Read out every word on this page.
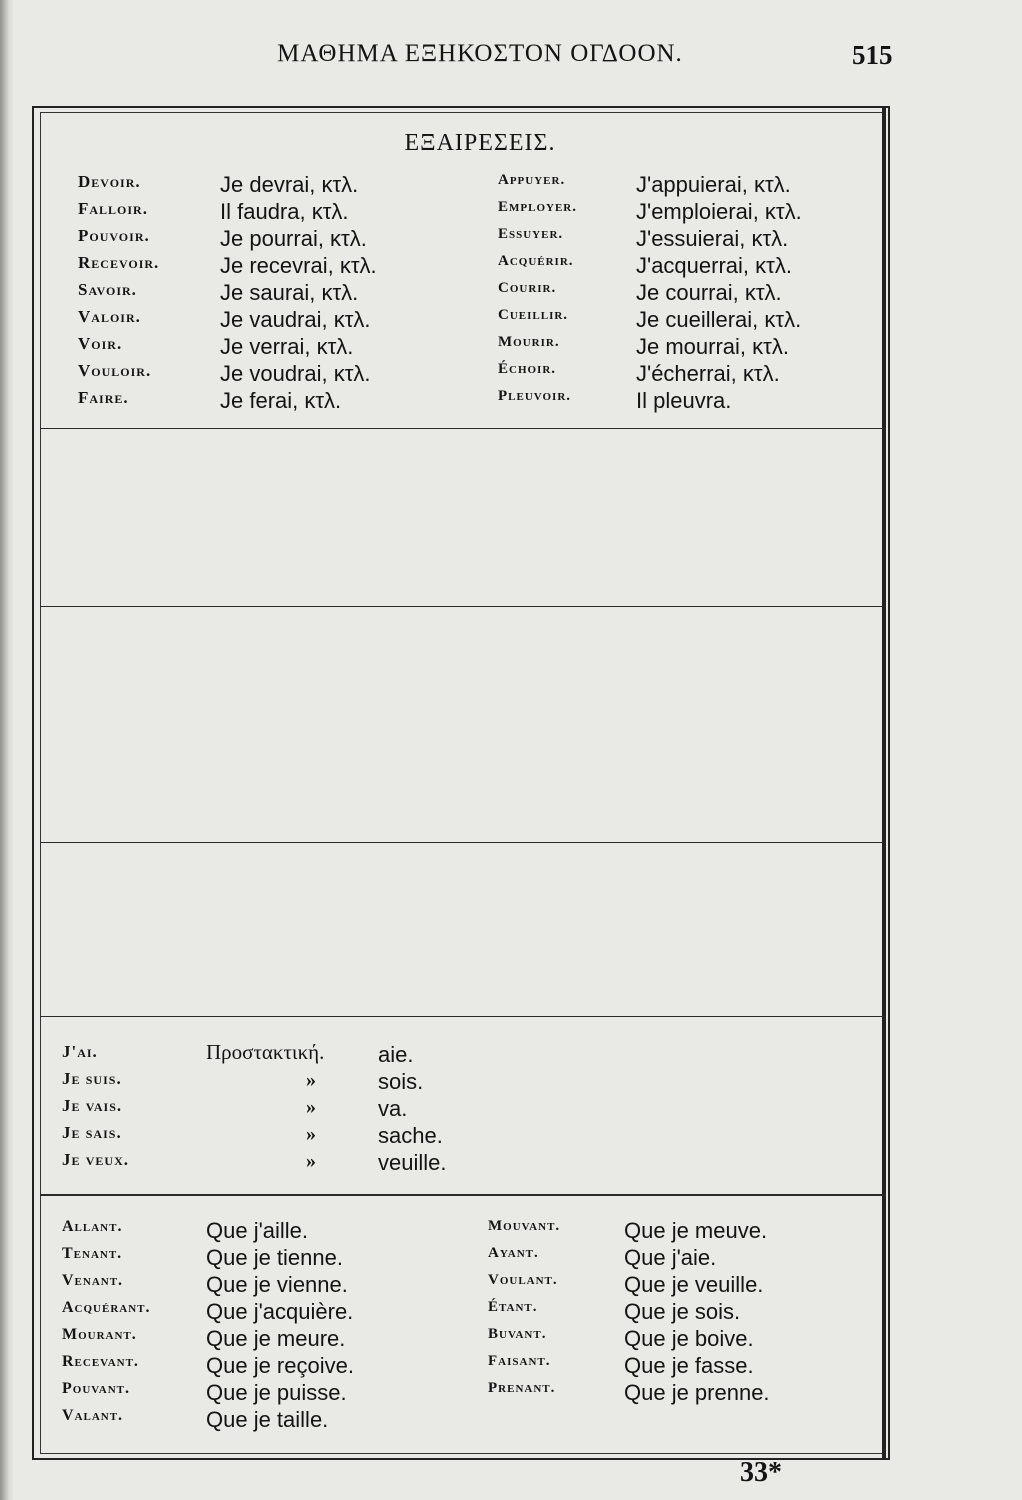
ΜΑΘΗΜΑ ΕΞΗΚΟΣΤΟΝ ΟΓΔΟΟΝ.	515
ΕΞΑΙΡΕΣΕΙΣ.
Devoir.	Je devrai, κτλ.
Falloir.	Il faudra, κτλ.
Pouvoir.	Je pourrai, κτλ.
Recevoir.	Je recevrai, κτλ.
Savoir.	Je saurai, κτλ.
Valoir.	Je vaudrai, κτλ.
Voir.	Je verrai, κτλ.
Vouloir.	Je voudrai, κτλ.
Faire.	Je ferai, κτλ.
Appuyer.	J'appuierai, κτλ.
Employer.	J'emploierai, κτλ.
Essuyer.	J'essuierai, κτλ.
Acquérir.	J'acquerrai, κτλ.
Courir.	Je courrai, κτλ.
Cueillir.	Je cueillerai, κτλ.
Mourir.	Je mourrai, κτλ.
Échoir.	J'écherrai, κτλ.
Pleuvoir.	Il pleuvra.
Προστακτική.
J'ai.	aie.
Je suis.	»	sois.
Je vais.	»	va.
Je sais.	»	sache.
Je veux.	»	veuille.
Allant.	Que j'aille.
Tenant.	Que je tienne.
Venant.	Que je vienne.
Acquérant.	Que j'acquière.
Mourant.	Que je meure.
Recevant.	Que je reçoive.
Pouvant.	Que je puisse.
Valant.	Que je taille.
Mouvant.	Que je meuve.
Ayant.	Que j'aie.
Voulant.	Que je veuille.
Étant.	Que je sois.
Buvant.	Que je boive.
Faisant.	Que je fasse.
Prenant.	Que je prenne.
33*
